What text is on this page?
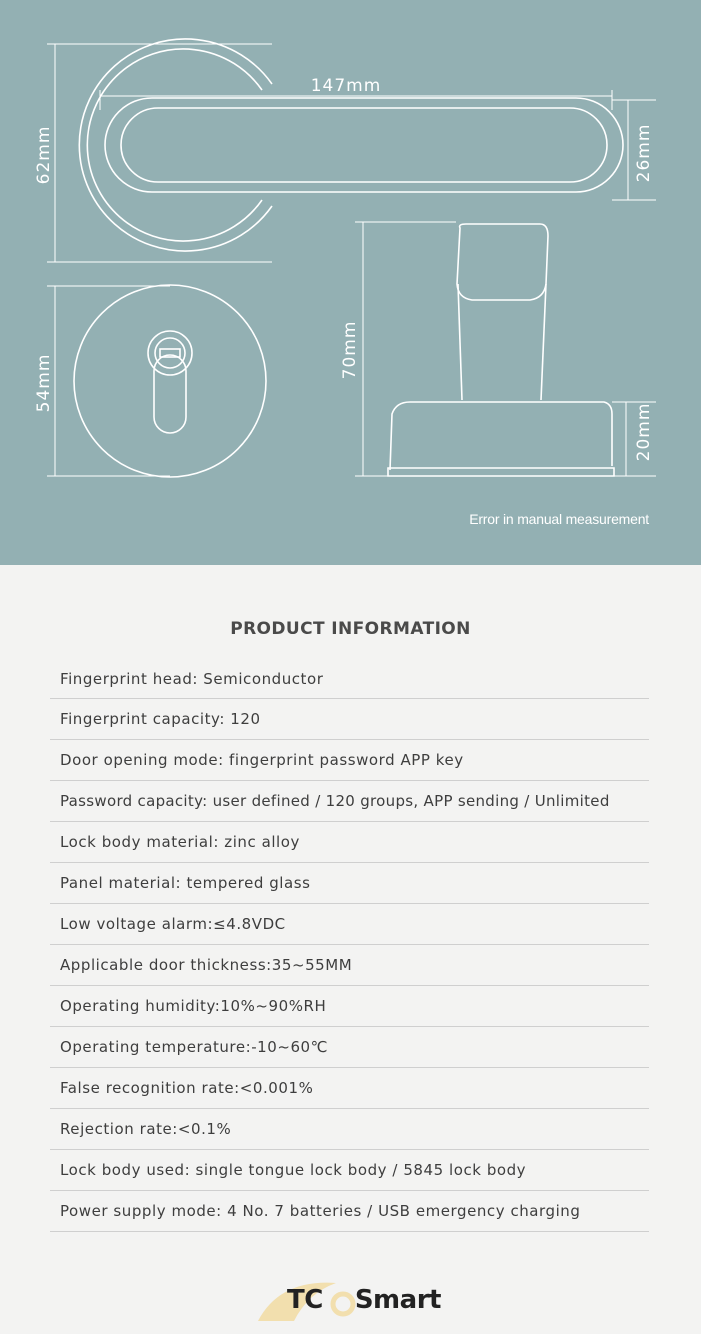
147mm
62mm	26mm
54mm
70mm
20mm
Error in manual measurement
PRODUCT INFORMATION
Fingerprint head: Semiconductor
Fingerprint capacity: 120
Door opening mode: fingerprint password APP key
Password capacity: user defined / 120 groups, APP sending / Unlimited
Lock body material: zinc alloy
Panel material: tempered glass
Low voltage alarm:≤4.8VDC
Applicable door thickness:35~55MM
Operating humidity:10%~90%RH
Operating temperature:-10~60℃
False recognition rate:<0.001%
Rejection rate:<0.1%
Lock body used: single tongue lock body / 5845 lock body
Power supply mode: 4 No. 7 batteries / USB emergency charging
TC Smart
